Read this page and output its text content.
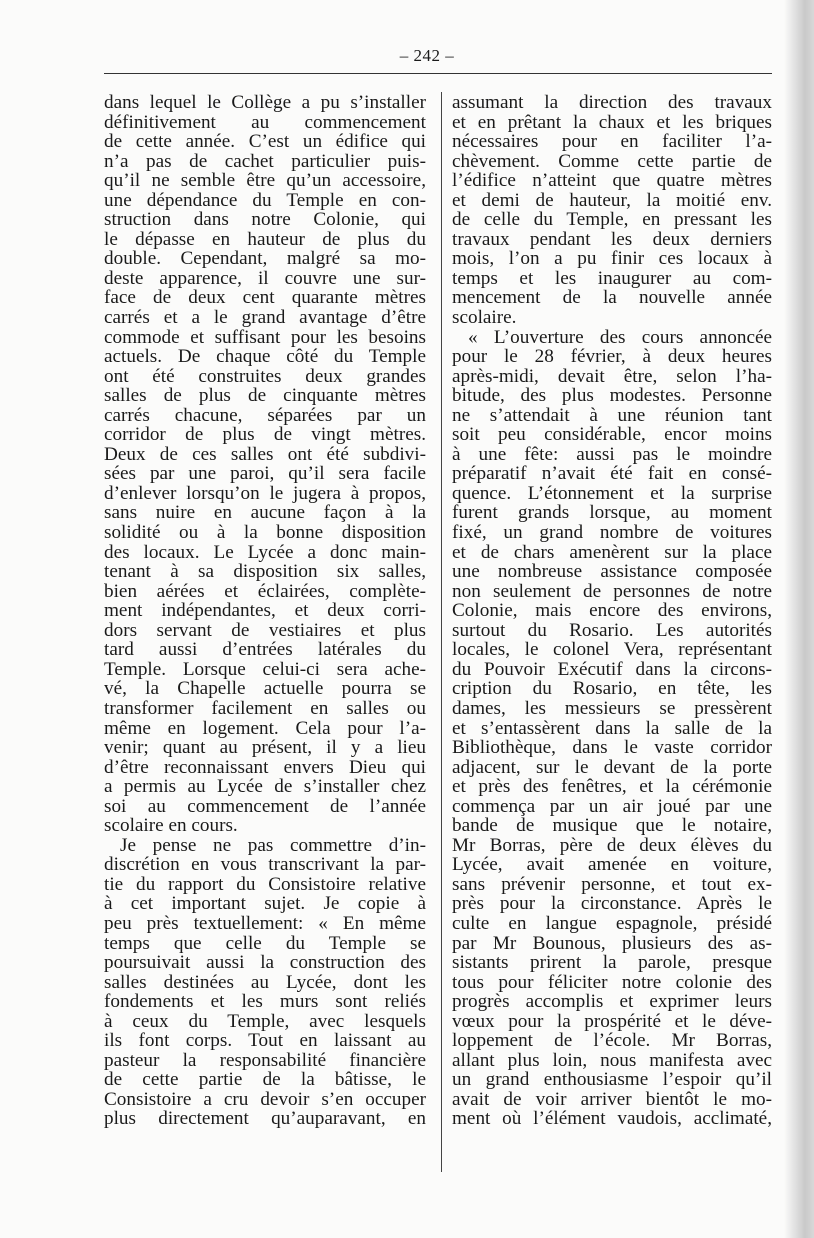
– 242 –
dans lequel le Collège a pu s’installer
définitivement au commencement
de cette année. C’est un édifice qui
n’a pas de cachet particulier puis-
qu’il ne semble être qu’un accessoire,
une dépendance du Temple en con-
struction dans notre Colonie, qui
le dépasse en hauteur de plus du
double. Cependant, malgré sa mo-
deste apparence, il couvre une sur-
face de deux cent quarante mètres
carrés et a le grand avantage d’être
commode et suffisant pour les besoins
actuels. De chaque côté du Temple
ont été construites deux grandes
salles de plus de cinquante mètres
carrés chacune, séparées par un
corridor de plus de vingt mètres.
Deux de ces salles ont été subdivi-
sées par une paroi, qu’il sera facile
d’enlever lorsqu’on le jugera à propos,
sans nuire en aucune façon à la
solidité ou à la bonne disposition
des locaux. Le Lycée a donc main-
tenant à sa disposition six salles,
bien aérées et éclairées, complète-
ment indépendantes, et deux corri-
dors servant de vestiaires et plus
tard aussi d’entrées latérales du
Temple. Lorsque celui-ci sera ache-
vé, la Chapelle actuelle pourra se
transformer facilement en salles ou
même en logement. Cela pour l’a-
venir; quant au présent, il y a lieu
d’être reconnaissant envers Dieu qui
a permis au Lycée de s’installer chez
soi au commencement de l’année
scolaire en cours.
Je pense ne pas commettre d’in-
discrétion en vous transcrivant la par-
tie du rapport du Consistoire relative
à cet important sujet. Je copie à
peu près textuellement: « En même
temps que celle du Temple se
poursuivait aussi la construction des
salles destinées au Lycée, dont les
fondements et les murs sont reliés
à ceux du Temple, avec lesquels
ils font corps. Tout en laissant au
pasteur la responsabilité financière
de cette partie de la bâtisse, le
Consistoire a cru devoir s’en occuper
plus directement qu’auparavant, en
assumant la direction des travaux
et en prêtant la chaux et les briques
nécessaires pour en faciliter l’a-
chèvement. Comme cette partie de
l’édifice n’atteint que quatre mètres
et demi de hauteur, la moitié env.
de celle du Temple, en pressant les
travaux pendant les deux derniers
mois, l’on a pu finir ces locaux à
temps et les inaugurer au com-
mencement de la nouvelle année
scolaire.
« L’ouverture des cours annoncée
pour le 28 février, à deux heures
après-midi, devait être, selon l’ha-
bitude, des plus modestes. Personne
ne s’attendait à une réunion tant
soit peu considérable, encor moins
à une fête: aussi pas le moindre
préparatif n’avait été fait en consé-
quence. L’étonnement et la surprise
furent grands lorsque, au moment
fixé, un grand nombre de voitures
et de chars amenèrent sur la place
une nombreuse assistance composée
non seulement de personnes de notre
Colonie, mais encore des environs,
surtout du Rosario. Les autorités
locales, le colonel Vera, représentant
du Pouvoir Exécutif dans la circons-
cription du Rosario, en tête, les
dames, les messieurs se pressèrent
et s’entassèrent dans la salle de la
Bibliothèque, dans le vaste corridor
adjacent, sur le devant de la porte
et près des fenêtres, et la cérémonie
commença par un air joué par une
bande de musique que le notaire,
Mr Borras, père de deux élèves du
Lycée, avait amenée en voiture,
sans prévenir personne, et tout ex-
près pour la circonstance. Après le
culte en langue espagnole, présidé
par Mr Bounous, plusieurs des as-
sistants prirent la parole, presque
tous pour féliciter notre colonie des
progrès accomplis et exprimer leurs
vœux pour la prospérité et le déve-
loppement de l’école. Mr Borras,
allant plus loin, nous manifesta avec
un grand enthousiasme l’espoir qu’il
avait de voir arriver bientôt le mo-
ment où l’élément vaudois, acclimaté,
